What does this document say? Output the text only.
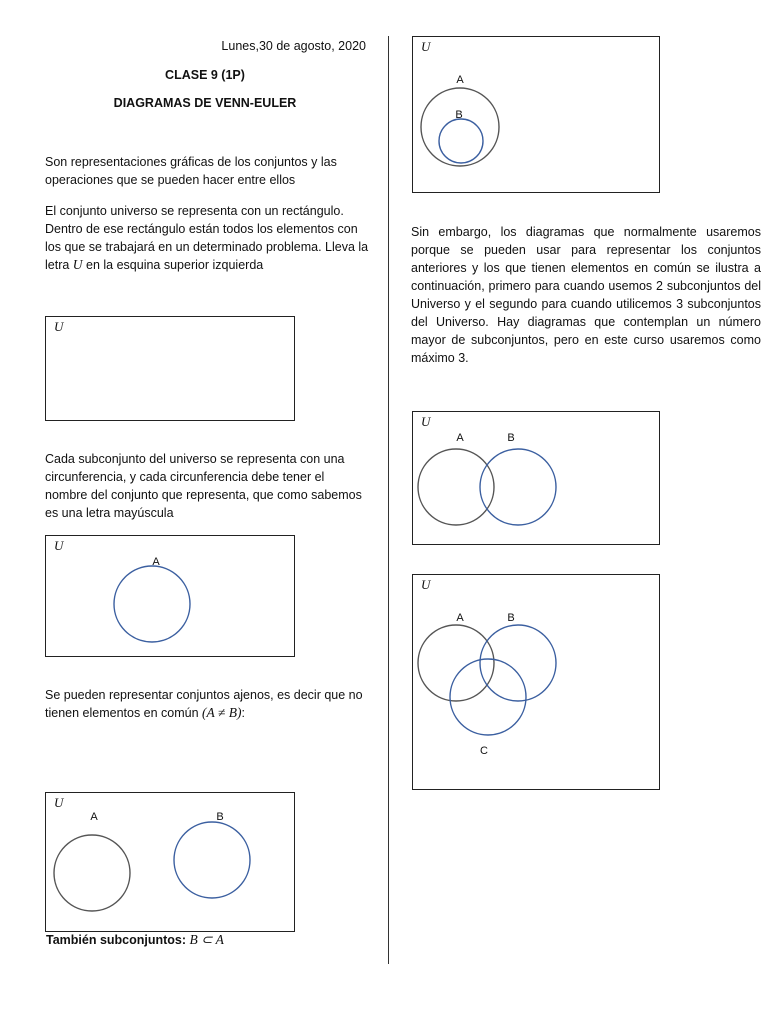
Lunes,30 de agosto, 2020

CLASE 9 (1P)

DIAGRAMAS DE VENN-EULER

Son representaciones gráficas de los conjuntos y las operaciones que se pueden hacer entre ellos

El conjunto universo se representa con un rectángulo. Dentro de ese rectángulo están todos los elementos con los que se trabajará en un determinado problema. Lleva la letra U en la esquina superior izquierda

U

Cada subconjunto del universo se representa con una circunferencia, y cada circunferencia debe tener el nombre del conjunto que representa, que como sabemos es una letra mayúscula

U

Se pueden representar conjuntos ajenos, es decir que no tienen elementos en común (A ≠ B):

U

También subconjuntos: B ⊂ A

U

Sin embargo, los diagramas que normalmente usaremos porque se pueden usar para representar los conjuntos anteriores y los que tienen elementos en común se ilustra a continuación, primero para cuando usemos 2 subconjuntos del Universo y el segundo para cuando utilicemos 3 subconjuntos del Universo. Hay diagramas que contemplan un número mayor de subconjuntos, pero en este curso usaremos como máximo 3.

U
U
A
A	B
A
B
A	B
A	B
C
